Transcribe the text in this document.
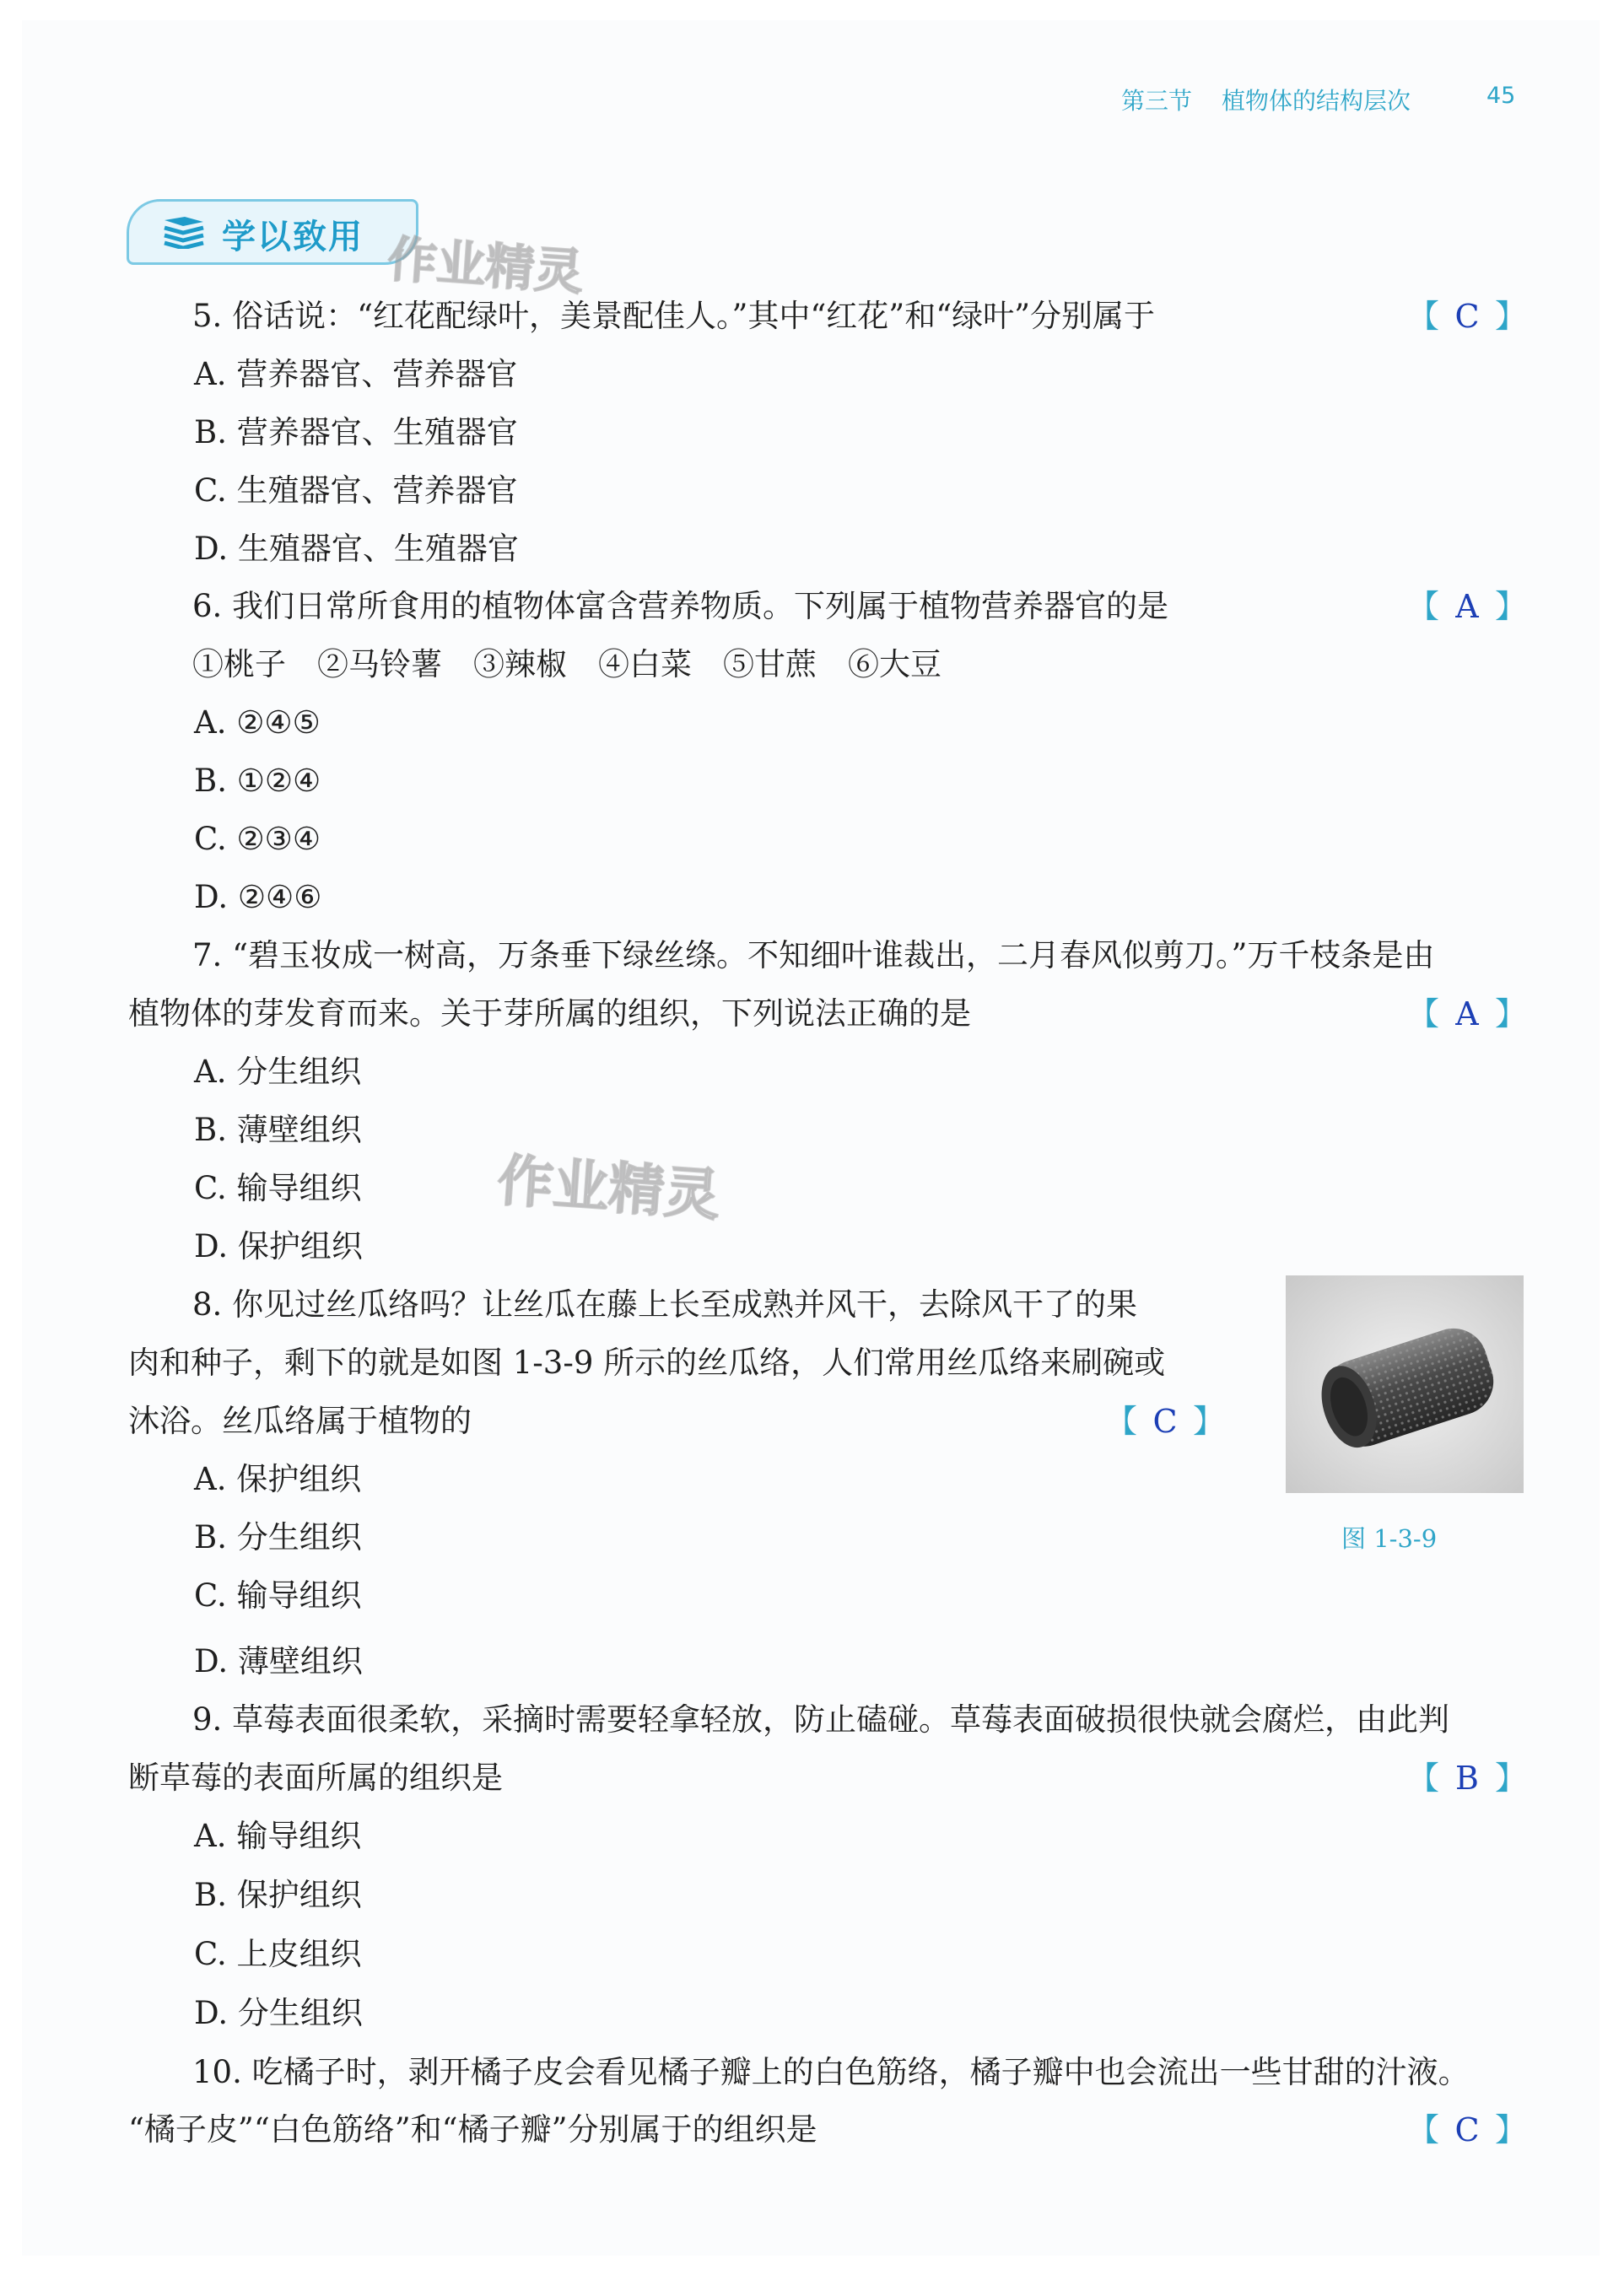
第三节 植物体的结构层次	45
学以致用 作业精灵
作业精灵
5. 俗话说：“红花配绿叶，美景配佳人。”其中“红花”和“绿叶”分别属于	【 C 】
A. 营养器官、营养器官
B. 营养器官、生殖器官
C. 生殖器官、营养器官
D. 生殖器官、生殖器官
6. 我们日常所食用的植物体富含营养物质。下列属于植物营养器官的是	【 A 】
①桃子　②马铃薯　③辣椒　④白菜　⑤甘蔗　⑥大豆
A. ②④⑤
B. ①②④
C. ②③④
D. ②④⑥
7. “碧玉妆成一树高，万条垂下绿丝绦。不知细叶谁裁出，二月春风似剪刀。”万千枝条是由
植物体的芽发育而来。关于芽所属的组织，下列说法正确的是	【 A 】
A. 分生组织
B. 薄壁组织
C. 输导组织
D. 保护组织
8. 你见过丝瓜络吗？让丝瓜在藤上长至成熟并风干，去除风干了的果
肉和种子，剩下的就是如图 1-3-9 所示的丝瓜络，人们常用丝瓜络来刷碗或
沐浴。丝瓜络属于植物的	【 C 】
A. 保护组织
B. 分生组织
C. 输导组织
D. 薄壁组织
图 1-3-9
9. 草莓表面很柔软，采摘时需要轻拿轻放，防止磕碰。草莓表面破损很快就会腐烂，由此判
断草莓的表面所属的组织是	【 B 】
A. 输导组织
B. 保护组织
C. 上皮组织
D. 分生组织
10. 吃橘子时，剥开橘子皮会看见橘子瓣上的白色筋络，橘子瓣中也会流出一些甘甜的汁液。
“橘子皮”“白色筋络”和“橘子瓣”分别属于的组织是	【 C 】
